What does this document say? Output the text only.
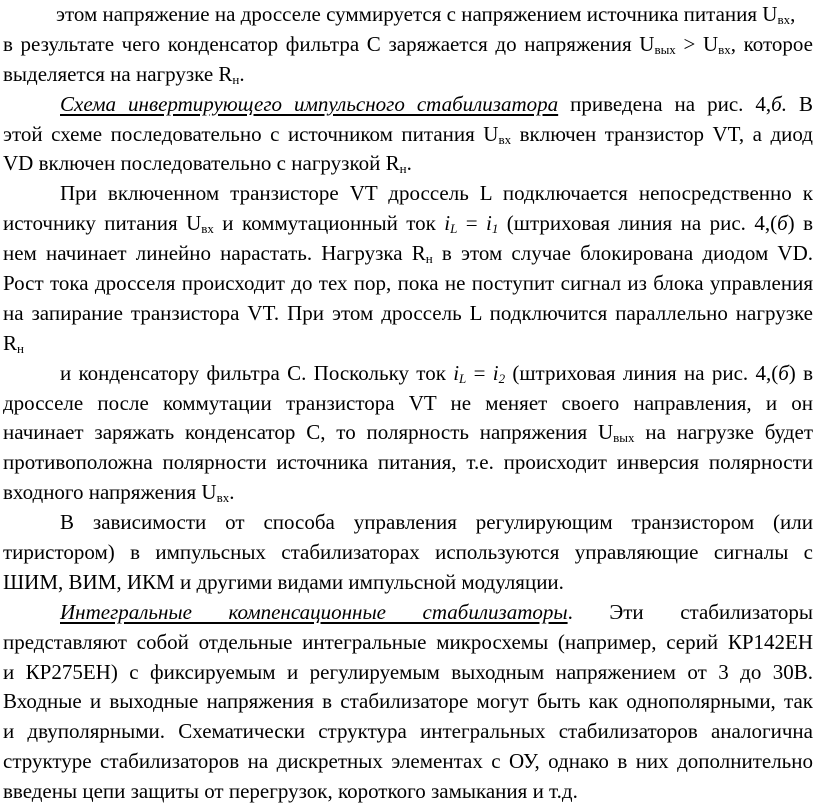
этом напряжение на дросселе суммируется с напряжением источника питания $U_{вх}$,
в результате чего конденсатор фильтра С заряжается до напряжения $U_{вых} > U_{вх}$, которое
выделяется на нагрузке $R_н$.
Схема инвертирующего импульсного стабилизатора приведена на рис. 4,б. В
этой схеме последовательно с источником питания $U_{вх}$ включен транзистор VT, а диод
VD включен последовательно с нагрузкой $R_н$.
При включенном транзисторе VT дроссель L подключается непосредственно к
источнику питания $U_{вх}$ и коммутационный ток $i_L = i_1$ (штриховая линия на рис. 4,(б) в
нем начинает линейно нарастать. Нагрузка $R_н$ в этом случае блокирована диодом VD.
Рост тока дросселя происходит до тех пор, пока не поступит сигнал из блока управления
на запирание транзистора VT. При этом дроссель L подключится параллельно нагрузке
$R_н$
и конденсатору фильтра С. Поскольку ток $i_L = i_2$ (штриховая линия на рис. 4,(б) в
дросселе после коммутации транзистора VT не меняет своего направления, и он
начинает заряжать конденсатор С, то полярность напряжения $U_{вых}$ на нагрузке будет
противоположна полярности источника питания, т.е. происходит инверсия полярности
входного напряжения $U_{вх}$.
В зависимости от способа управления регулирующим транзистором (или
тиристором) в импульсных стабилизаторах используются управляющие сигналы с
ШИМ, ВИМ, ИКМ и другими видами импульсной модуляции.
Интегральные компенсационные стабилизаторы. Эти стабилизаторы
представляют собой отдельные интегральные микросхемы (например, серий КР142ЕН
и КР275ЕН) с фиксируемым и регулируемым выходным напряжением от 3 до 30В.
Входные и выходные напряжения в стабилизаторе могут быть как однополярными, так
и двуполярными. Схематически структура интегральных стабилизаторов аналогична
структуре стабилизаторов на дискретных элементах с ОУ, однако в них дополнительно
введены цепи защиты от перегрузок, короткого замыкания и т.д.
